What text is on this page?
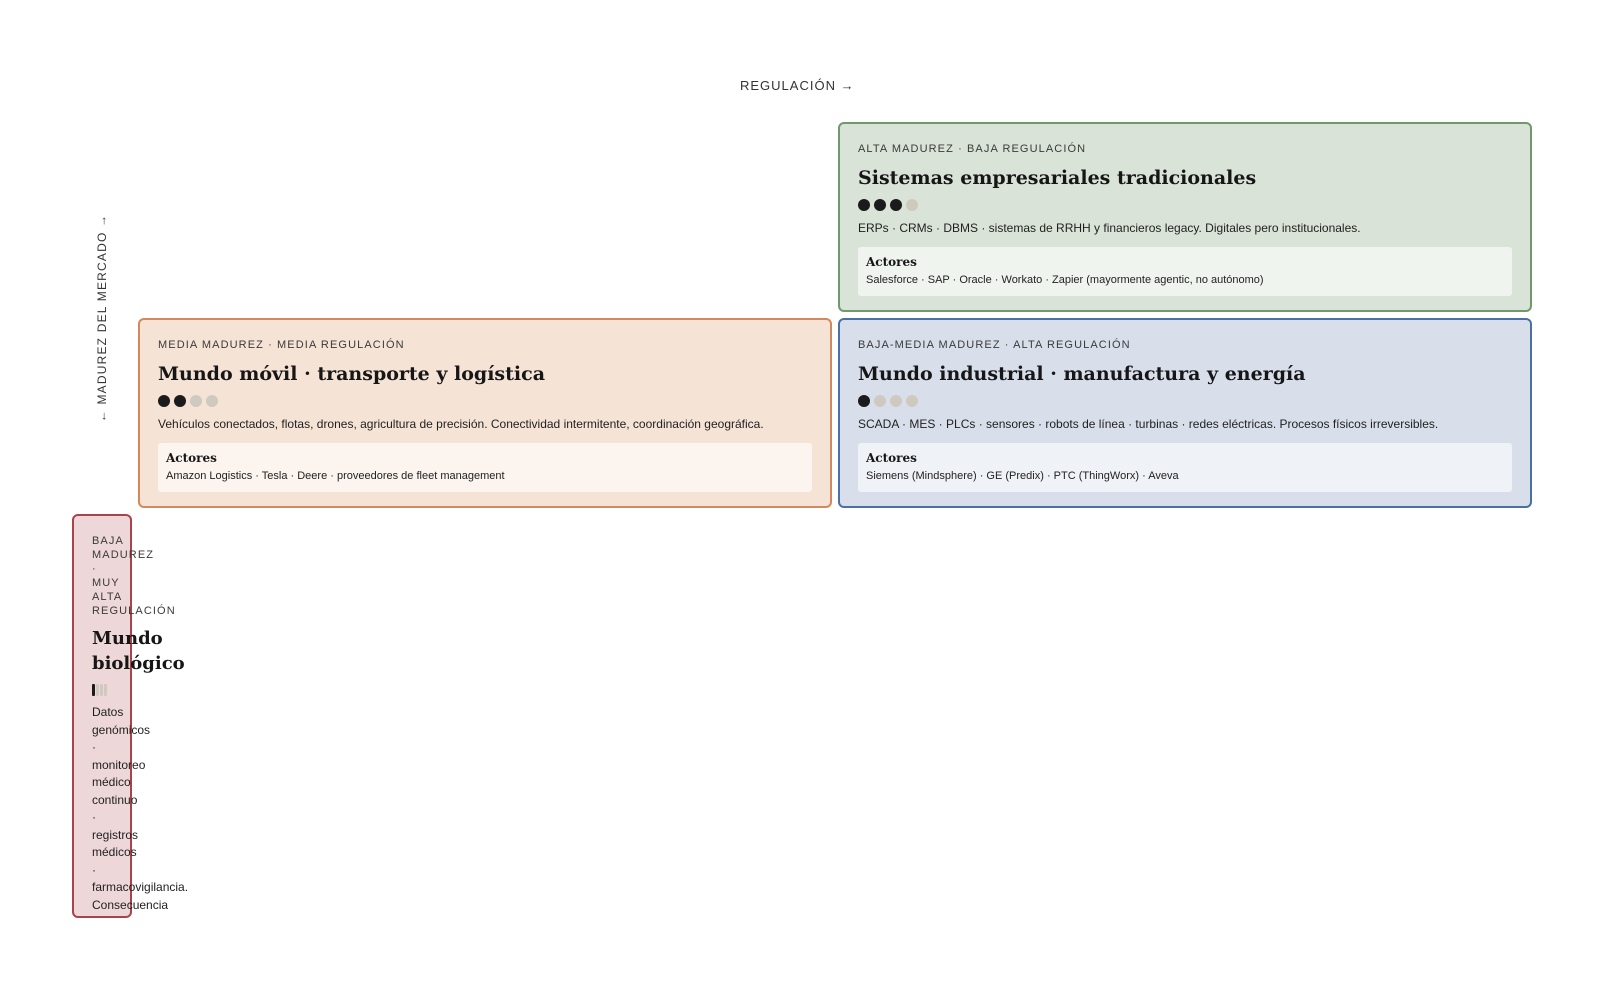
REGULACIÓN →
← MADUREZ DEL MERCADO →
ALTA MADUREZ · BAJA REGULACIÓN
Sistemas empresariales tradicionales
ERPs · CRMs · DBMS · sistemas de RRHH y financieros legacy. Digitales pero institucionales.
Actores
Salesforce · SAP · Oracle · Workato · Zapier (mayormente agentic, no autónomo)
MEDIA MADUREZ · MEDIA REGULACIÓN
Mundo móvil · transporte y logística
Vehículos conectados, flotas, drones, agricultura de precisión. Conectividad intermitente, coordinación geográfica.
Actores
Amazon Logistics · Tesla · Deere · proveedores de fleet management
BAJA-MEDIA MADUREZ · ALTA REGULACIÓN
Mundo industrial · manufactura y energía
SCADA · MES · PLCs · sensores · robots de línea · turbinas · redes eléctricas. Procesos físicos irreversibles.
Actores
Siemens (Mindsphere) · GE (Predix) · PTC (ThingWorx) · Aveva
BAJA MADUREZ · MUY ALTA REGULACIÓN
Mundo biológico
Datos genómicos · monitoreo médico continuo · registros médicos · farmacovigilancia. Consecuencia
